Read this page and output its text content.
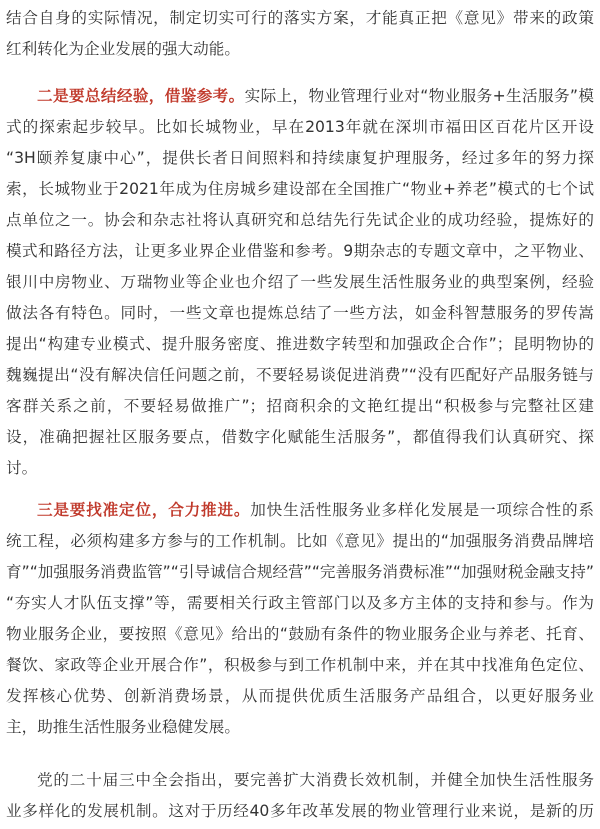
结合自身的实际情况，制定切实可行的落实方案，才能真正把《意见》带来的政策
红利转化为企业发展的强大动能。
二是要总结经验，借鉴参考。实际上，物业管理行业对“物业服务+生活服务”模
式的探索起步较早。比如长城物业，早在2013年就在深圳市福田区百花片区开设
“3H颐养复康中心”，提供长者日间照料和持续康复护理服务，经过多年的努力探
索，长城物业于2021年成为住房城乡建设部在全国推广“物业+养老”模式的七个试
点单位之一。协会和杂志社将认真研究和总结先行先试企业的成功经验，提炼好的
模式和路径方法，让更多业界企业借鉴和参考。9期杂志的专题文章中，之平物业、
银川中房物业、万瑞物业等企业也介绍了一些发展生活性服务业的典型案例，经验
做法各有特色。同时，一些文章也提炼总结了一些方法，如金科智慧服务的罗传嵩
提出“构建专业模式、提升服务密度、推进数字转型和加强政企合作”；昆明物协的
魏巍提出“没有解决信任问题之前，不要轻易谈促进消费”“没有匹配好产品服务链与
客群关系之前，不要轻易做推广”；招商积余的文艳红提出“积极参与完整社区建
设，准确把握社区服务要点，借数字化赋能生活服务”，都值得我们认真研究、探
讨。
三是要找准定位，合力推进。加快生活性服务业多样化发展是一项综合性的系
统工程，必须构建多方参与的工作机制。比如《意见》提出的“加强服务消费品牌培
育”“加强服务消费监管”“引导诚信合规经营”“完善服务消费标准”“加强财税金融支持”
“夯实人才队伍支撑”等，需要相关行政主管部门以及多方主体的支持和参与。作为
物业服务企业，要按照《意见》给出的“鼓励有条件的物业服务企业与养老、托育、
餐饮、家政等企业开展合作”，积极参与到工作机制中来，并在其中找准角色定位、
发挥核心优势、创新消费场景，从而提供优质生活服务产品组合，以更好服务业
主，助推生活性服务业稳健发展。
党的二十届三中全会指出，要完善扩大消费长效机制，并健全加快生活性服务
业多样化的发展机制。这对于历经40多年改革发展的物业管理行业来说，是新的历
